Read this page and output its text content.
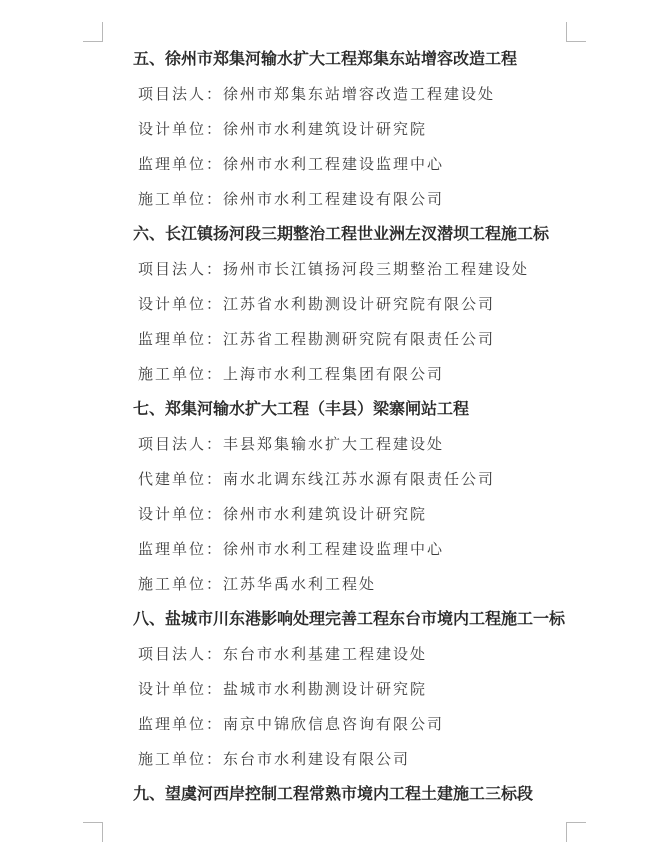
五、徐州市郑集河输水扩大工程郑集东站增容改造工程
项目法人：徐州市郑集东站增容改造工程建设处
设计单位：徐州市水利建筑设计研究院
监理单位：徐州市水利工程建设监理中心
施工单位：徐州市水利工程建设有限公司
六、长江镇扬河段三期整治工程世业洲左汊潜坝工程施工标
项目法人：扬州市长江镇扬河段三期整治工程建设处
设计单位：江苏省水利勘测设计研究院有限公司
监理单位：江苏省工程勘测研究院有限责任公司
施工单位：上海市水利工程集团有限公司
七、郑集河输水扩大工程（丰县）梁寨闸站工程
项目法人：丰县郑集输水扩大工程建设处
代建单位：南水北调东线江苏水源有限责任公司
设计单位：徐州市水利建筑设计研究院
监理单位：徐州市水利工程建设监理中心
施工单位：江苏华禹水利工程处
八、盐城市川东港影响处理完善工程东台市境内工程施工一标
项目法人：东台市水利基建工程建设处
设计单位：盐城市水利勘测设计研究院
监理单位：南京中锦欣信息咨询有限公司
施工单位：东台市水利建设有限公司
九、望虞河西岸控制工程常熟市境内工程土建施工三标段
